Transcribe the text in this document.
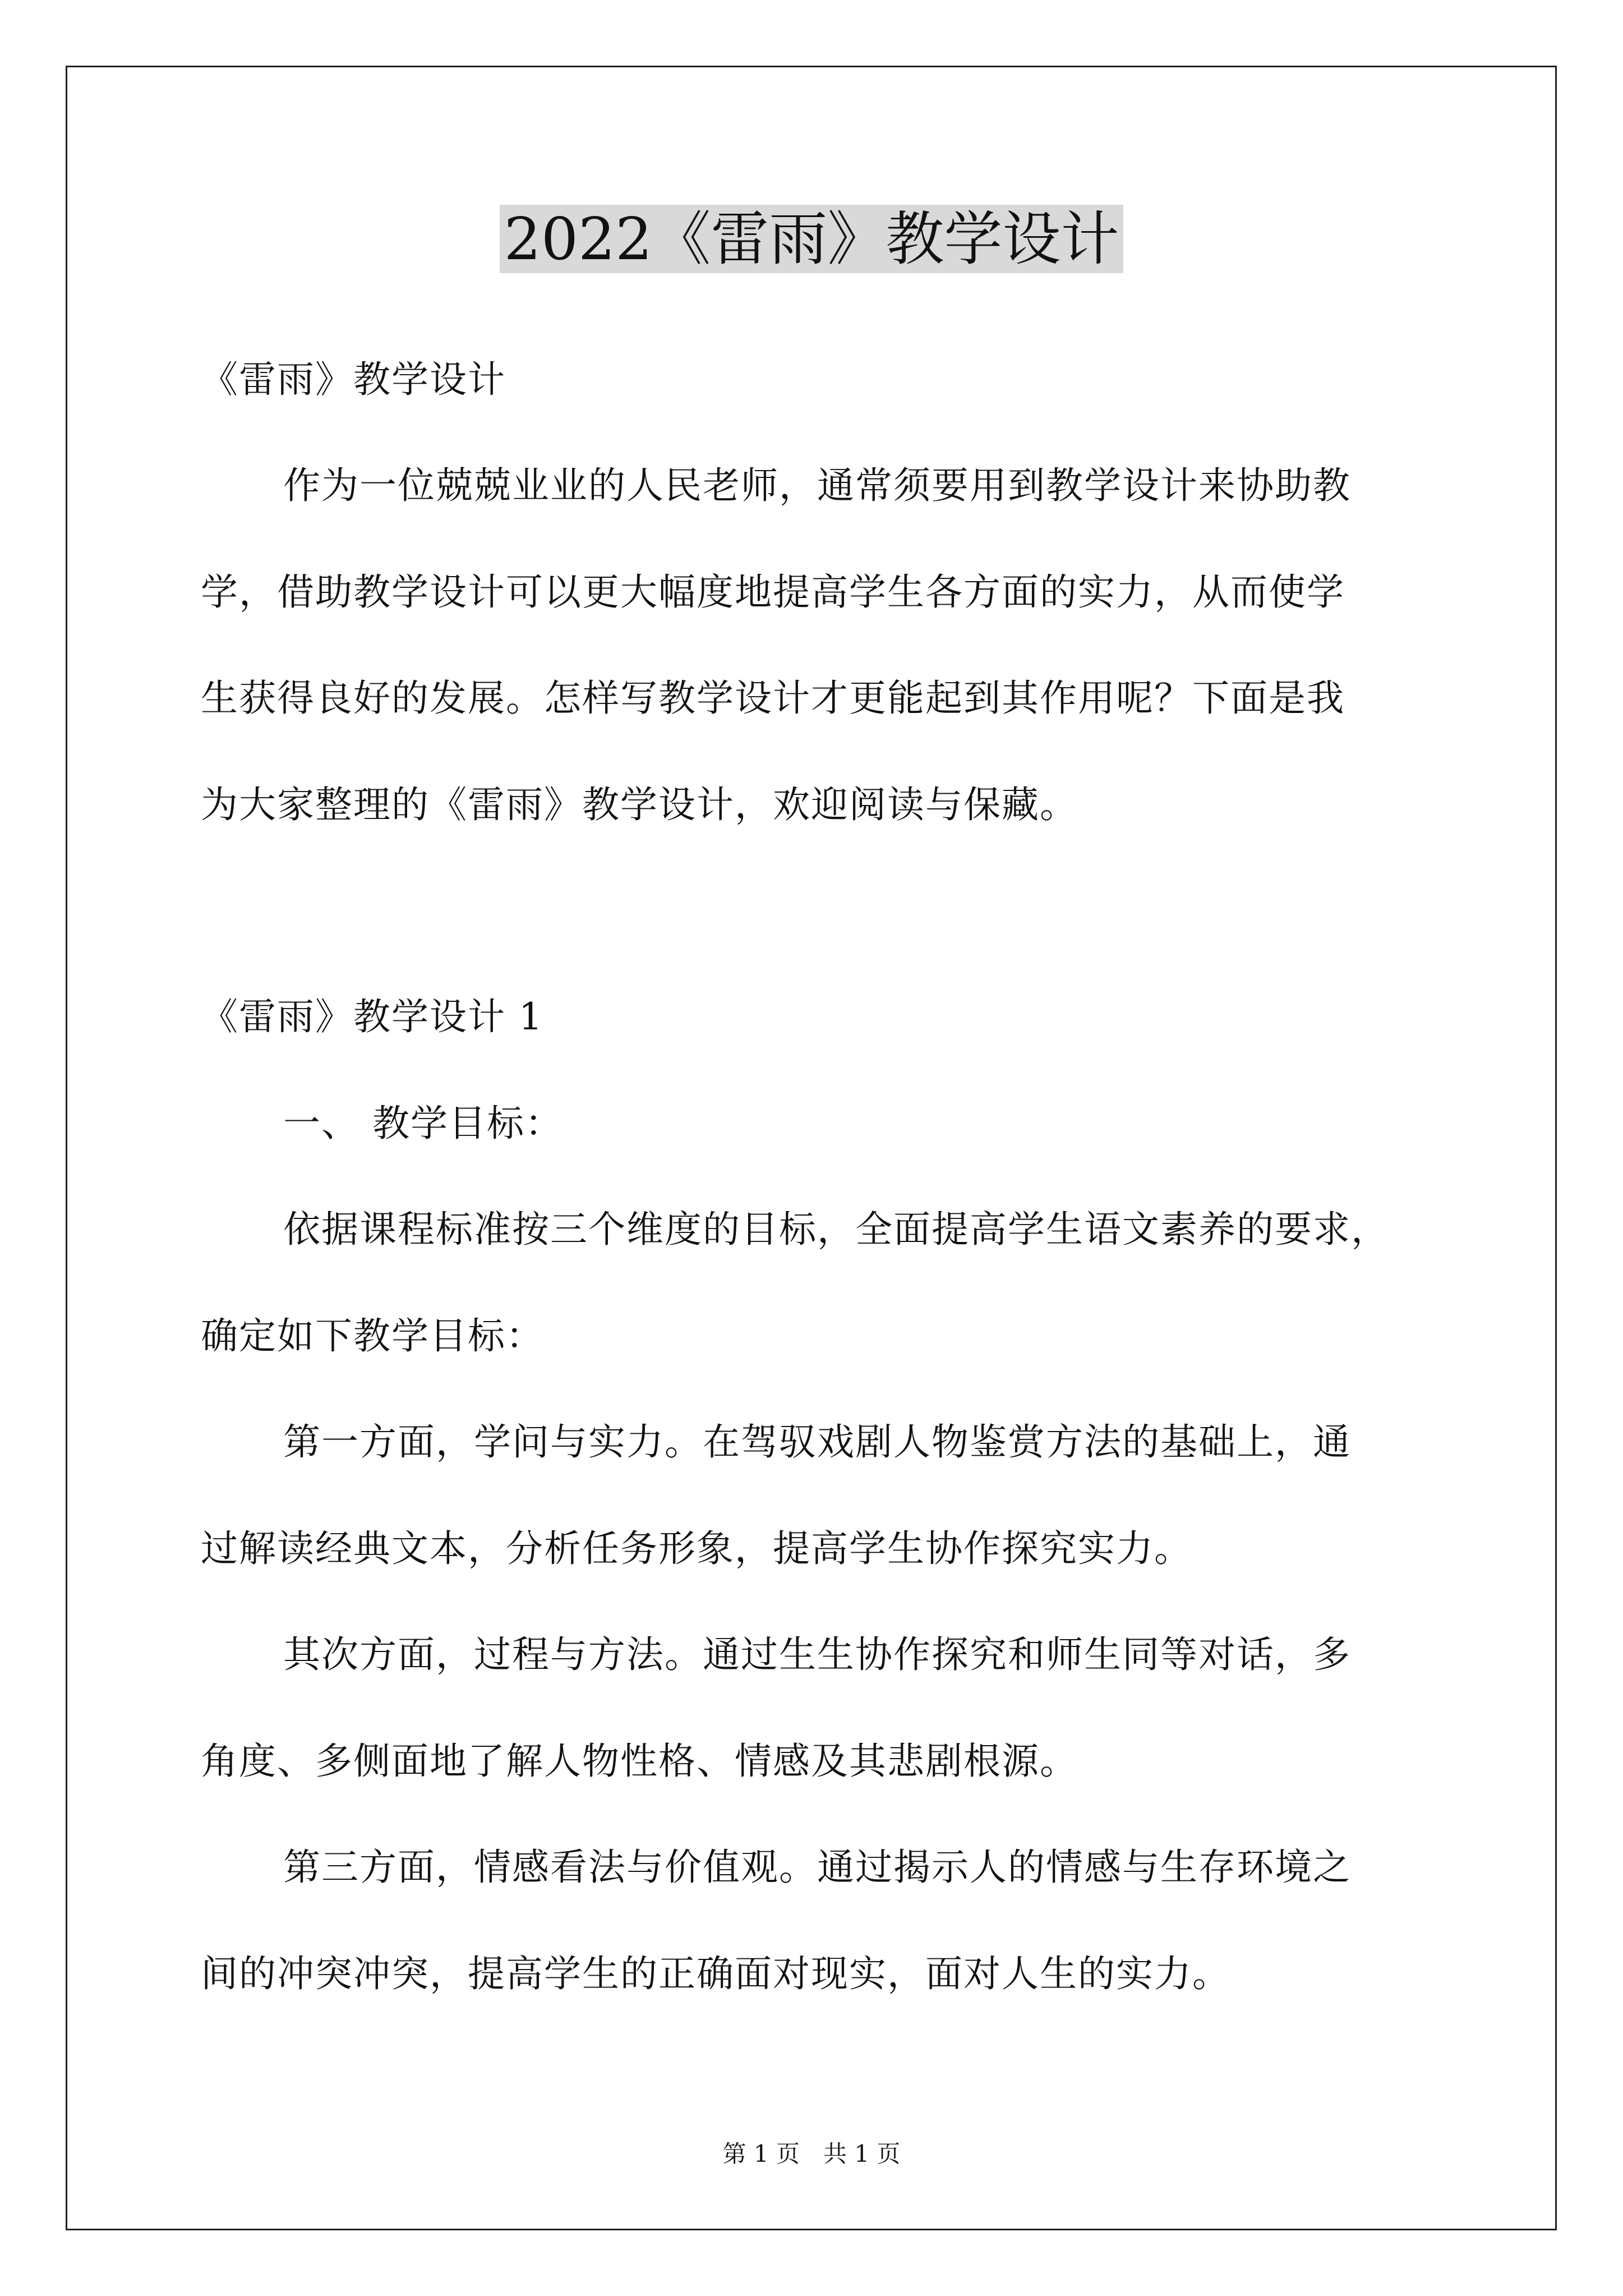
2022《雷雨》教学设计
《雷雨》教学设计
作为一位兢兢业业的人民老师，通常须要用到教学设计来协助教
学，借助教学设计可以更大幅度地提高学生各方面的实力，从而使学
生获得良好的发展。怎样写教学设计才更能起到其作用呢？下面是我
为大家整理的《雷雨》教学设计，欢迎阅读与保藏。
《雷雨》教学设计 1
一、 教学目标：
依据课程标准按三个维度的目标，全面提高学生语文素养的要求，
确定如下教学目标：
第一方面，学问与实力。在驾驭戏剧人物鉴赏方法的基础上，通
过解读经典文本，分析任务形象，提高学生协作探究实力。
其次方面，过程与方法。通过生生协作探究和师生同等对话，多
角度、多侧面地了解人物性格、情感及其悲剧根源。
第三方面，情感看法与价值观。通过揭示人的情感与生存环境之
间的冲突冲突，提高学生的正确面对现实，面对人生的实力。
第 1 页　共 1 页
